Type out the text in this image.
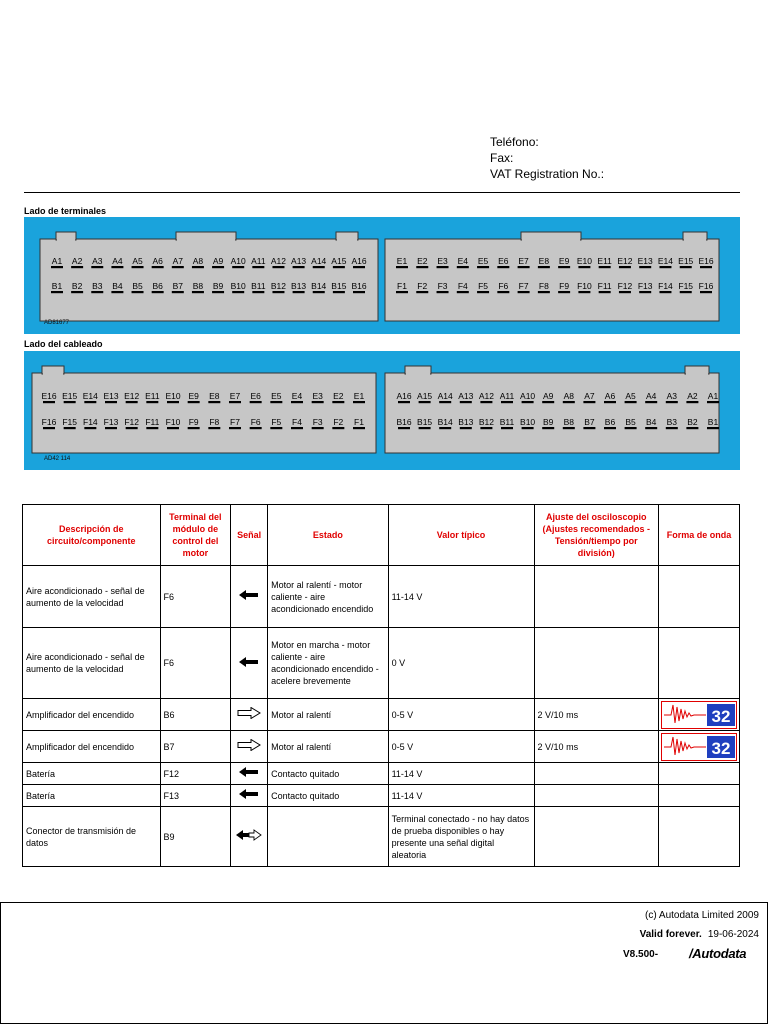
Teléfono:
Fax:
VAT Registration No.:
Lado de terminales
A1 A2 A3 A4 A5 A6 A7 A8 A9 A10 A11 A12 A13 A14 A15 A16
B1 B2 B3 B4 B5 B6 B7 B8 B9 B10 B11 B12 B13 B14 B15 B16
E1 E2 E3 E4 E5 E6 E7 E8 E9 E10 E11 E12 E13 E14 E15 E16
F1 F2 F3 F4 F5 F6 F7 F8 F9 F10 F11 F12 F13 F14 F15 F16
AD81677
Lado del cableado
E16 E15 E14 E13 E12 E11 E10 E9 E8 E7 E6 E5 E4 E3 E2 E1
F16 F15 F14 F13 F12 F11 F10 F9 F8 F7 F6 F5 F4 F3 F2 F1
A16 A15 A14 A13 A12 A11 A10 A9 A8 A7 A6 A5 A4 A3 A2 A1
B16 B15 B14 B13 B12 B11 B10 B9 B8 B7 B6 B5 B4 B3 B2 B1
AD42 114
Descripción de circuito/componente	Terminal del módulo de control del motor	Señal	Estado	Valor típico	Ajuste del osciloscopio (Ajustes recomendados - Tensión/tiempo por división)	Forma de onda
Aire acondicionado - señal de aumento de la velocidad	F6		Motor al ralentí - motor caliente - aire acondicionado encendido	11-14 V		
Aire acondicionado - señal de aumento de la velocidad	F6		Motor en marcha - motor caliente - aire acondicionado encendido - acelere brevemente	0 V		
Amplificador del encendido	B6		Motor al ralentí	0-5 V	2 V/10 ms	32

Amplificador del encendido	B7		Motor al ralentí	0-5 V	2 V/10 ms	32

Batería	F12		Contacto quitado	11-14 V		
Batería	F13		Contacto quitado	11-14 V		
Conector de transmisión de datos	B9			Terminal conectado - no hay datos de prueba disponibles o hay presente una señal digital aleatoria		
(c) Autodata Limited 2009
Valid forever. 19-06-2024
V8.500- /Autodata
